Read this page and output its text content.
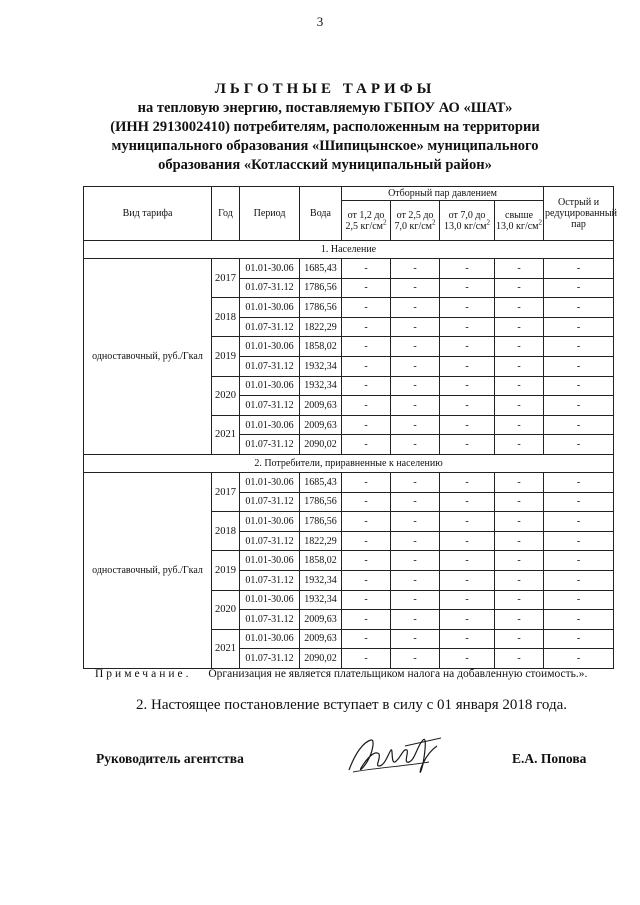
3
ЛЬГОТНЫЕ ТАРИФЫ
на тепловую энергию, поставляемую ГБПОУ АО «ШАТ»
(ИНН 2913002410) потребителям, расположенным на территории
муниципального образования «Шипицынское» муниципального
образования «Котласский муниципальный район»
Вид тарифа	Год	Период	Вода	Отборный пар давлением				Острый и редуцированный пар
				от 1,2 до 2,5 $кг/см^2$	от 2,5 до 7,0 $кг/см^2$	от 7,0 до 13,0 $кг/см^2$	свыше 13,0 $кг/см^2$
1. Население								
одноставочный, руб./Гкал	2017	01.01-30.06	1685,43	-	-	-	-	-
		01.07-31.12	1786,56	-	-	-	-	-
	2018	01.01-30.06	1786,56	-	-	-	-	-
		01.07-31.12	1822,29	-	-	-	-	-
	2019	01.01-30.06	1858,02	-	-	-	-	-
		01.07-31.12	1932,34	-	-	-	-	-
	2020	01.01-30.06	1932,34	-	-	-	-	-
		01.07-31.12	2009,63	-	-	-	-	-
	2021	01.01-30.06	2009,63	-	-	-	-	-
		01.07-31.12	2090,02	-	-	-	-	-
2. Потребители, приравненные к населению								
одноставочный, руб./Гкал	2017	01.01-30.06	1685,43	-	-	-	-	-
		01.07-31.12	1786,56	-	-	-	-	-
	2018	01.01-30.06	1786,56	-	-	-	-	-
		01.07-31.12	1822,29	-	-	-	-	-
	2019	01.01-30.06	1858,02	-	-	-	-	-
		01.07-31.12	1932,34	-	-	-	-	-
	2020	01.01-30.06	1932,34	-	-	-	-	-
		01.07-31.12	2009,63	-	-	-	-	-
	2021	01.01-30.06	2009,63	-	-	-	-	-
		01.07-31.12	2090,02	-	-	-	-	-
Примечание. Организация не является плательщиком налога на добавленную стоимость.».
2. Настоящее постановление вступает в силу с 01 января 2018 года.
Руководитель агентства	Е.А. Попова
